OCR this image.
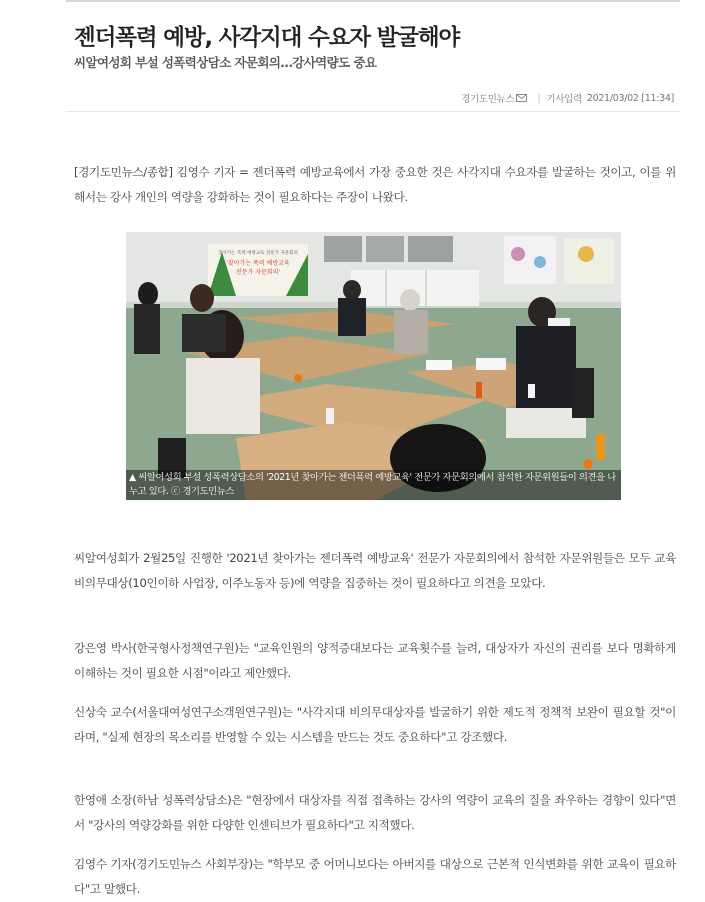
젠더폭력 예방, 사각지대 수요자 발굴해야
씨알여성회 부설 성폭력상담소 자문회의…강사역량도 중요
경기도민뉴스 | 기사입력 2021/03/02 [11:34]

[경기도민뉴스/종합] 김영수 기자 = 젠더폭력 예방교육에서 가장 중요한 것은 사각지대 수요자를 발굴하는 것이고, 이를 위해서는 강사 개인의 역량을 강화하는 것이 필요하다는 주장이 나왔다.

찾아가는 폭력 예방교육 전문가 자문회의
'찾아가는 폭력 예방교육
전문가 자문회의'
▲ 씨알여성회 부설 성폭력상담소의 '2021년 찾아가는 젠더폭력 예방교육' 전문가 자문회의에서 참석한 자문위원들이 의견을 나누고 있다. ⓒ 경기도민뉴스

씨알여성회가 2월25일 진행한 '2021년 찾아가는 젠더폭력 예방교육' 전문가 자문회의에서 참석한 자문위원들은 모두 교육 비의무대상(10인이하 사업장, 이주노동자 등)에 역량을 집중하는 것이 필요하다고 의견을 모았다.

강은영 박사(한국형사정책연구원)는 "교육인원의 양적증대보다는 교육횟수를 늘려, 대상자가 자신의 권리를 보다 명확하게 이해하는 것이 필요한 시점"이라고 제안했다.

신상숙 교수(서울대여성연구소객원연구원)는 "사각지대 비의무대상자를 발굴하기 위한 제도적 정책적 보완이 필요할 것"이라며, "실제 현장의 목소리를 반영할 수 있는 시스템을 만드는 것도 중요하다"고 강조했다.

한영애 소장(하남 성폭력상담소)은 "현장에서 대상자를 직접 접촉하는 강사의 역량이 교육의 질을 좌우하는 경향이 있다"면서 "강사의 역량강화를 위한 다양한 인센티브가 필요하다"고 지적했다.

김영수 기자(경기도민뉴스 사회부장)는 "학부모 중 어머니보다는 아버지를 대상으로 근본적 인식변화를 위한 교육이 필요하다"고 말했다.
